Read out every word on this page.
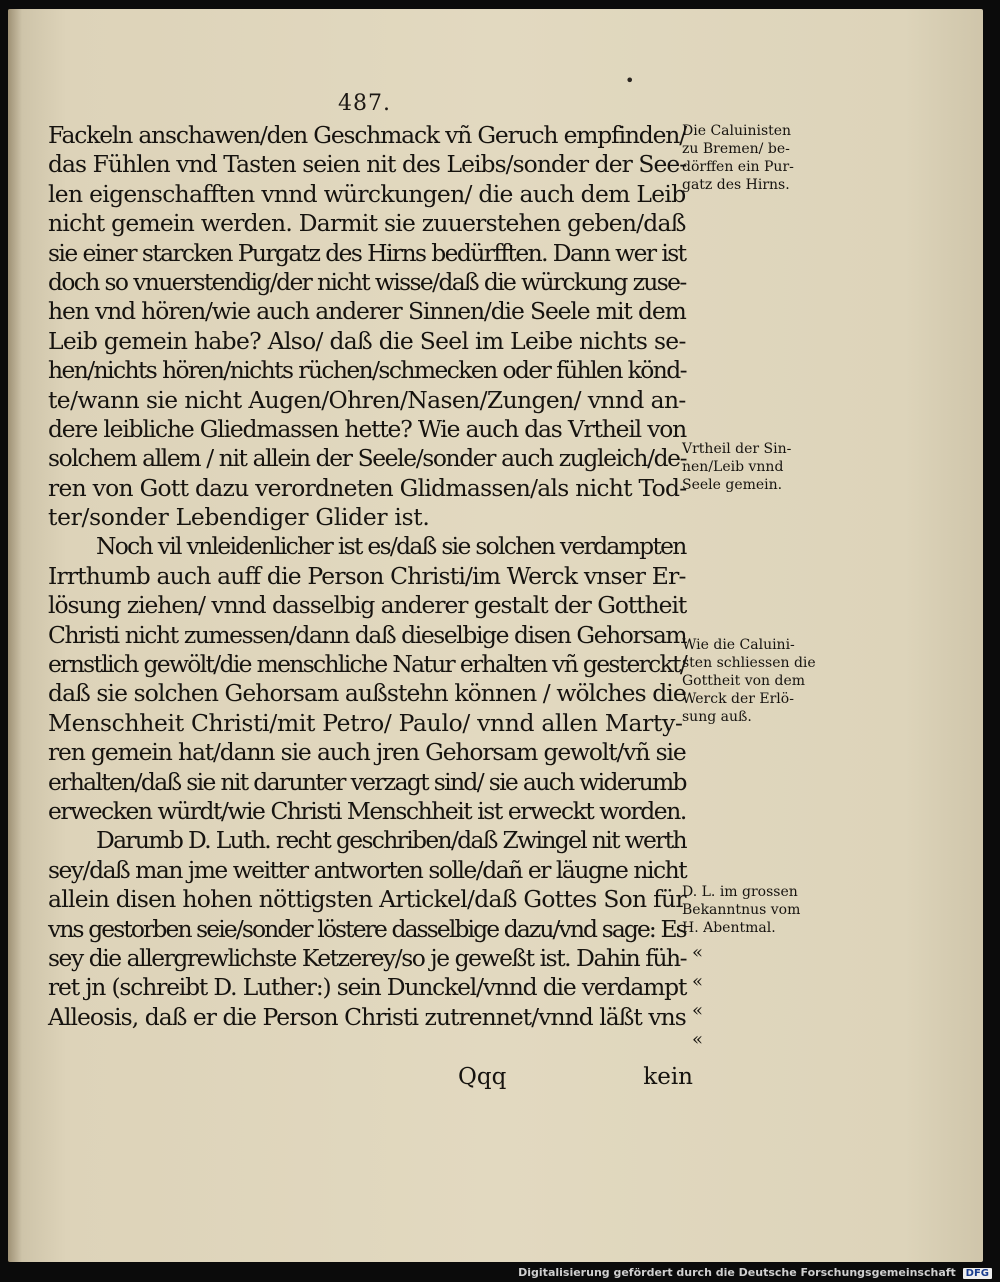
•
487.
Fackeln anschawen/den Geschmack vñ Geruch empfinden/
das Fühlen vnd Tasten seien nit des Leibs/sonder der See-
len eigenschafften vnnd würckungen/ die auch dem Leib
nicht gemein werden. Darmit sie zuuerstehen geben/daß
sie einer starcken Purgatz des Hirns bedürfften. Dann wer ist
doch so vnuerstendig/der nicht wisse/daß die würckung zuse-
hen vnd hören/wie auch anderer Sinnen/die Seele mit dem
Leib gemein habe? Also/ daß die Seel im Leibe nichts se-
hen/nichts hören/nichts rüchen/schmecken oder fühlen könd-
te/wann sie nicht Augen/Ohren/Nasen/Zungen/ vnnd an-
dere leibliche Gliedmassen hette? Wie auch das Vrtheil von
solchem allem / nit allein der Seele/sonder auch zugleich/de-
ren von Gott dazu verordneten Glidmassen/als nicht Tod-
ter/sonder Lebendiger Glider ist.
Noch vil vnleidenlicher ist es/daß sie solchen verdampten
Irrthumb auch auff die Person Christi/im Werck vnser Er-
lösung ziehen/ vnnd dasselbig anderer gestalt der Gottheit
Christi nicht zumessen/dann daß dieselbige disen Gehorsam
ernstlich gewölt/die menschliche Natur erhalten vñ gesterckt/
daß sie solchen Gehorsam außstehn können / wölches die
Menschheit Christi/mit Petro/ Paulo/ vnnd allen Marty-
ren gemein hat/dann sie auch jren Gehorsam gewolt/vñ sie
erhalten/daß sie nit darunter verzagt sind/ sie auch widerumb
erwecken würdt/wie Christi Menschheit ist erweckt worden.
Darumb D. Luth. recht geschriben/daß Zwingel nit werth
sey/daß man jme weitter antworten solle/dañ er läugne nicht
allein disen hohen nöttigsten Artickel/daß Gottes Son für
vns gestorben seie/sonder löstere dasselbige dazu/vnd sage: Es
sey die allergrewlichste Ketzerey/so je geweßt ist. Dahin füh-
ret jn (schreibt D. Luther:) sein Dunckel/vnnd die verdampt
Alleosis, daß er die Person Christi zutrennet/vnnd läßt vns
Die Caluinisten
zu Bremen/ be-
dörffen ein Pur-
gatz des Hirns.
Vrtheil der Sin-
nen/Leib vnnd
Seele gemein.
Wie die Caluini-
sten schliessen die
Gottheit von dem
Werck der Erlö-
sung auß.
D. L. im grossen
Bekanntnus vom
H. Abentmal.
«
«
«
«
Qqq	kein
Digitalisierung gefördert durch die Deutsche Forschungsgemeinschaft DFG
